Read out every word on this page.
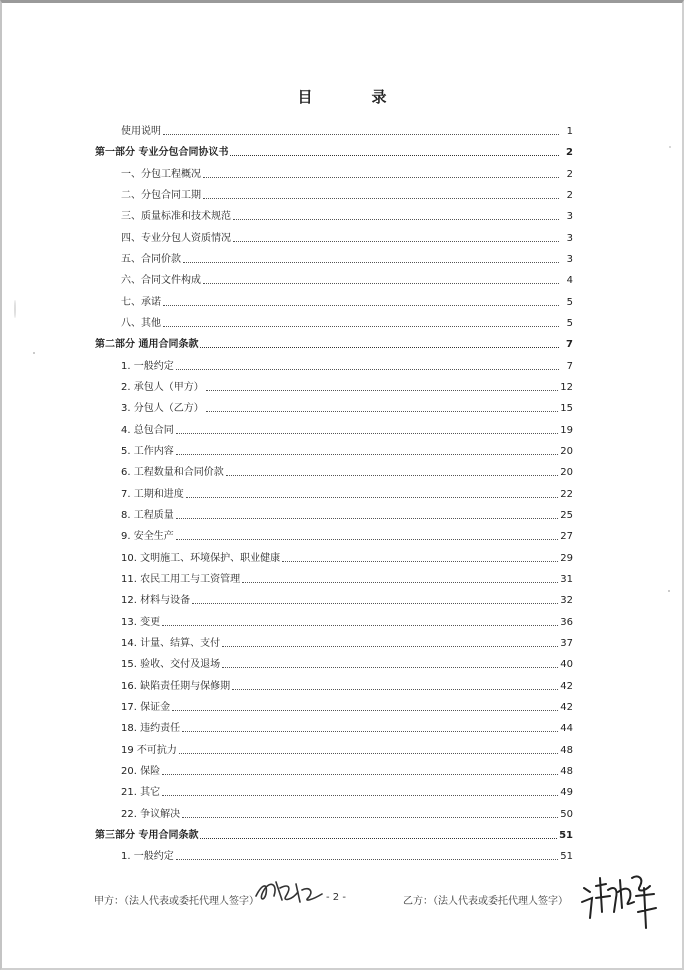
目　录
使用说明	1
第一部分 专业分包合同协议书	2
一、分包工程概况	2
二、分包合同工期	2
三、质量标准和技术规范	3
四、专业分包人资质情况	3
五、合同价款	3
六、合同文件构成	4
七、承诺	5
八、其他	5
第二部分 通用合同条款	7
1. 一般约定	7
2. 承包人（甲方）	12
3. 分包人（乙方）	15
4. 总包合同	19
5. 工作内容	20
6. 工程数量和合同价款	20
7. 工期和进度	22
8. 工程质量	25
9. 安全生产	27
10. 文明施工、环境保护、职业健康	29
11. 农民工用工与工资管理	31
12. 材料与设备	32
13. 变更	36
14. 计量、结算、支付	37
15. 验收、交付及退场	40
16. 缺陷责任期与保修期	42
17. 保证金	42
18. 违约责任	44
19 不可抗力	48
20. 保险	48
21. 其它	49
22. 争议解决	50
第三部分 专用合同条款	51
1. 一般约定	51
甲方：（法人代表或委托代理人签字）	- 2 -	乙方：（法人代表或委托代理人签字）
